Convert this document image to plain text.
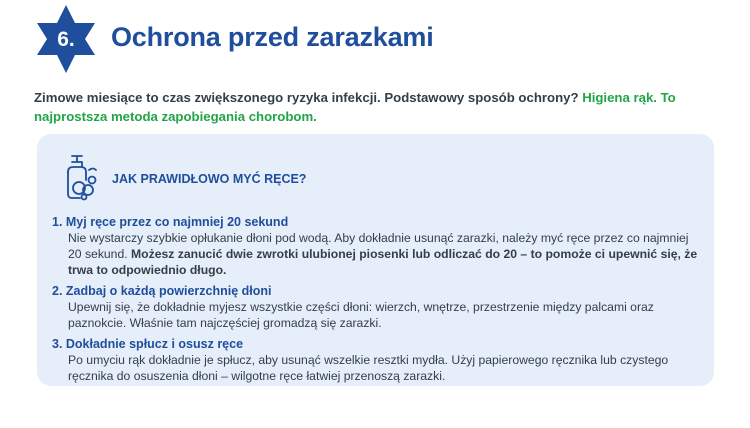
6.	Ochrona przed zarazkami
Zimowe miesiące to czas zwiększonego ryzyka infekcji. Podstawowy sposób ochrony? Higiena rąk. To najprostsza metoda zapobiegania chorobom.
JAK PRAWIDŁOWO MYĆ RĘCE?
1. Myj ręce przez co najmniej 20 sekund
Nie wystarczy szybkie opłukanie dłoni pod wodą. Aby dokładnie usunąć zarazki, należy myć ręce przez co najmniej 20 sekund. Możesz zanucić dwie zwrotki ulubionej piosenki lub odliczać do 20 – to pomoże ci upewnić się, że trwa to odpowiednio długo.
2. Zadbaj o każdą powierzchnię dłoni
Upewnij się, że dokładnie myjesz wszystkie części dłoni: wierzch, wnętrze, przestrzenie między palcami oraz paznokcie. Właśnie tam najczęściej gromadzą się zarazki.
3. Dokładnie spłucz i osusz ręce
Po umyciu rąk dokładnie je spłucz, aby usunąć wszelkie resztki mydła. Użyj papierowego ręcznika lub czystego ręcznika do osuszenia dłoni – wilgotne ręce łatwiej przenoszą zarazki.
